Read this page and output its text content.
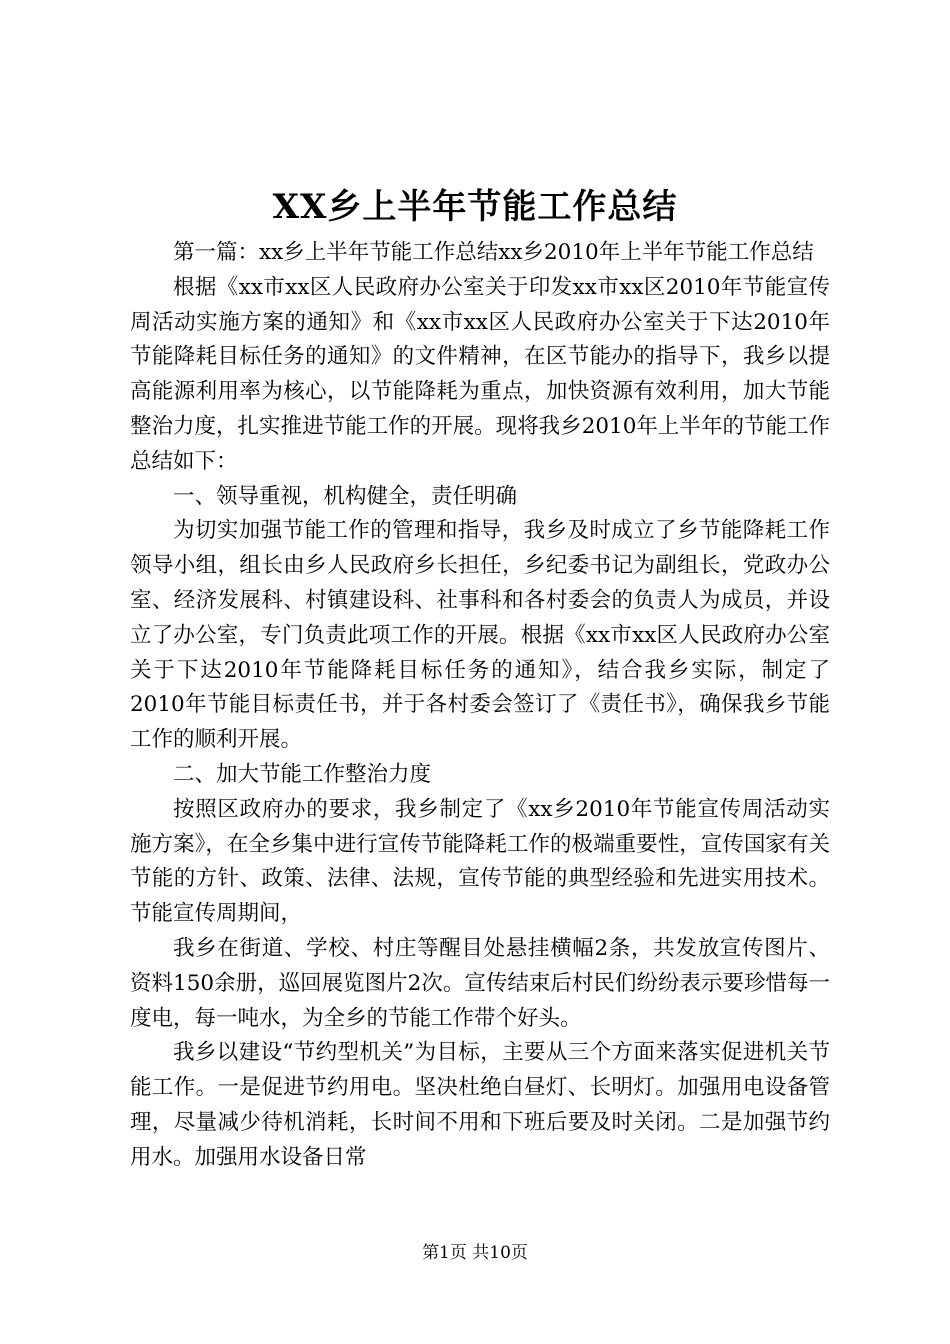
XX乡上半年节能工作总结

第一篇：xx乡上半年节能工作总结xx乡2010年上半年节能工作总结

根据《xx市xx区人民政府办公室关于印发xx市xx区2010年节能宣传周活动实施方案的通知》和《xx市xx区人民政府办公室关于下达2010年节能降耗目标任务的通知》的文件精神，在区节能办的指导下，我乡以提高能源利用率为核心，以节能降耗为重点，加快资源有效利用，加大节能整治力度，扎实推进节能工作的开展。现将我乡2010年上半年的节能工作总结如下：

一、领导重视，机构健全，责任明确

为切实加强节能工作的管理和指导，我乡及时成立了乡节能降耗工作领导小组，组长由乡人民政府乡长担任，乡纪委书记为副组长，党政办公室、经济发展科、村镇建设科、社事科和各村委会的负责人为成员，并设立了办公室，专门负责此项工作的开展。根据《xx市xx区人民政府办公室关于下达2010年节能降耗目标任务的通知》，结合我乡实际，制定了2010年节能目标责任书，并于各村委会签订了《责任书》，确保我乡节能工作的顺利开展。

二、加大节能工作整治力度

按照区政府办的要求，我乡制定了《xx乡2010年节能宣传周活动实施方案》，在全乡集中进行宣传节能降耗工作的极端重要性，宣传国家有关节能的方针、政策、法律、法规，宣传节能的典型经验和先进实用技术。节能宣传周期间，

我乡在街道、学校、村庄等醒目处悬挂横幅2条，共发放宣传图片、资料150余册，巡回展览图片2次。宣传结束后村民们纷纷表示要珍惜每一度电，每一吨水，为全乡的节能工作带个好头。

我乡以建设“节约型机关”为目标，主要从三个方面来落实促进机关节能工作。一是促进节约用电。坚决杜绝白昼灯、长明灯。加强用电设备管理，尽量减少待机消耗，长时间不用和下班后要及时关闭。二是加强节约用水。加强用水设备日常

第1页 共10页
